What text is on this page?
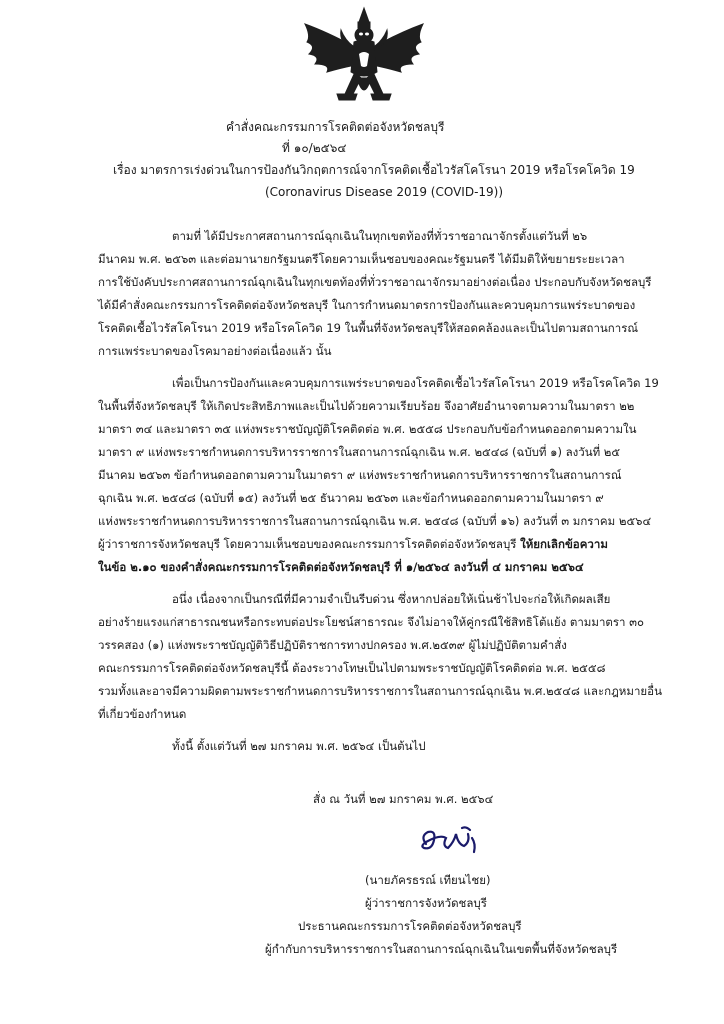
คำสั่งคณะกรรมการโรคติดต่อจังหวัดชลบุรี
ที่ ๑๐/๒๕๖๔
เรื่อง มาตรการเร่งด่วนในการป้องกันวิกฤตการณ์จากโรคติดเชื้อไวรัสโคโรนา 2019 หรือโรคโควิด 19
(Coronavirus Disease 2019 (COVID-19))
ตามที่ ได้มีประกาศสถานการณ์ฉุกเฉินในทุกเขตท้องที่ทั่วราชอาณาจักรตั้งแต่วันที่ ๒๖
มีนาคม พ.ศ. ๒๕๖๓ และต่อมานายกรัฐมนตรีโดยความเห็นชอบของคณะรัฐมนตรี ได้มีมติให้ขยายระยะเวลา
การใช้บังคับประกาศสถานการณ์ฉุกเฉินในทุกเขตท้องที่ทั่วราชอาณาจักรมาอย่างต่อเนื่อง ประกอบกับจังหวัดชลบุรี
ได้มีคำสั่งคณะกรรมการโรคติดต่อจังหวัดชลบุรี ในการกำหนดมาตรการป้องกันและควบคุมการแพร่ระบาดของ
โรคติดเชื้อไวรัสโคโรนา 2019 หรือโรคโควิด 19 ในพื้นที่จังหวัดชลบุรีให้สอดคล้องและเป็นไปตามสถานการณ์
การแพร่ระบาดของโรคมาอย่างต่อเนื่องแล้ว นั้น
เพื่อเป็นการป้องกันและควบคุมการแพร่ระบาดของโรคติดเชื้อไวรัสโคโรนา 2019 หรือโรคโควิด 19
ในพื้นที่จังหวัดชลบุรี ให้เกิดประสิทธิภาพและเป็นไปด้วยความเรียบร้อย จึงอาศัยอำนาจตามความในมาตรา ๒๒
มาตรา ๓๔ และมาตรา ๓๕ แห่งพระราชบัญญัติโรคติดต่อ พ.ศ. ๒๕๕๘ ประกอบกับข้อกำหนดออกตามความใน
มาตรา ๙ แห่งพระราชกำหนดการบริหารราชการในสถานการณ์ฉุกเฉิน พ.ศ. ๒๕๔๘ (ฉบับที่ ๑) ลงวันที่ ๒๕
มีนาคม ๒๕๖๓ ข้อกำหนดออกตามความในมาตรา ๙ แห่งพระราชกำหนดการบริหารราชการในสถานการณ์
ฉุกเฉิน พ.ศ. ๒๕๔๘ (ฉบับที่ ๑๕) ลงวันที่ ๒๕ ธันวาคม ๒๕๖๓ และข้อกำหนดออกตามความในมาตรา ๙
แห่งพระราชกำหนดการบริหารราชการในสถานการณ์ฉุกเฉิน พ.ศ. ๒๕๔๘ (ฉบับที่ ๑๖) ลงวันที่ ๓ มกราคม ๒๕๖๔
ผู้ว่าราชการจังหวัดชลบุรี โดยความเห็นชอบของคณะกรรมการโรคติดต่อจังหวัดชลบุรี ให้ยกเลิกข้อความ
ในข้อ ๒.๑๐ ของคำสั่งคณะกรรมการโรคติดต่อจังหวัดชลบุรี ที่ ๑/๒๕๖๔ ลงวันที่ ๔ มกราคม ๒๕๖๔
อนึ่ง เนื่องจากเป็นกรณีที่มีความจำเป็นรีบด่วน ซึ่งหากปล่อยให้เนิ่นช้าไปจะก่อให้เกิดผลเสีย
อย่างร้ายแรงแก่สาธารณชนหรือกระทบต่อประโยชน์สาธารณะ จึงไม่อาจให้คู่กรณีใช้สิทธิโต้แย้ง ตามมาตรา ๓๐
วรรคสอง (๑) แห่งพระราชบัญญัติวิธีปฏิบัติราชการทางปกครอง พ.ศ.๒๕๓๙ ผู้ไม่ปฏิบัติตามคำสั่ง
คณะกรรมการโรคติดต่อจังหวัดชลบุรีนี้ ต้องระวางโทษเป็นไปตามพระราชบัญญัติโรคติดต่อ พ.ศ. ๒๕๕๘
รวมทั้งและอาจมีความผิดตามพระราชกำหนดการบริหารราชการในสถานการณ์ฉุกเฉิน พ.ศ.๒๕๔๘ และกฎหมายอื่น
ที่เกี่ยวข้องกำหนด
ทั้งนี้ ตั้งแต่วันที่ ๒๗ มกราคม พ.ศ. ๒๕๖๔ เป็นต้นไป
สั่ง ณ วันที่ ๒๗ มกราคม พ.ศ. ๒๕๖๔
(นายภัครธรณ์ เทียนไชย)
ผู้ว่าราชการจังหวัดชลบุรี
ประธานคณะกรรมการโรคติดต่อจังหวัดชลบุรี
ผู้กำกับการบริหารราชการในสถานการณ์ฉุกเฉินในเขตพื้นที่จังหวัดชลบุรี
